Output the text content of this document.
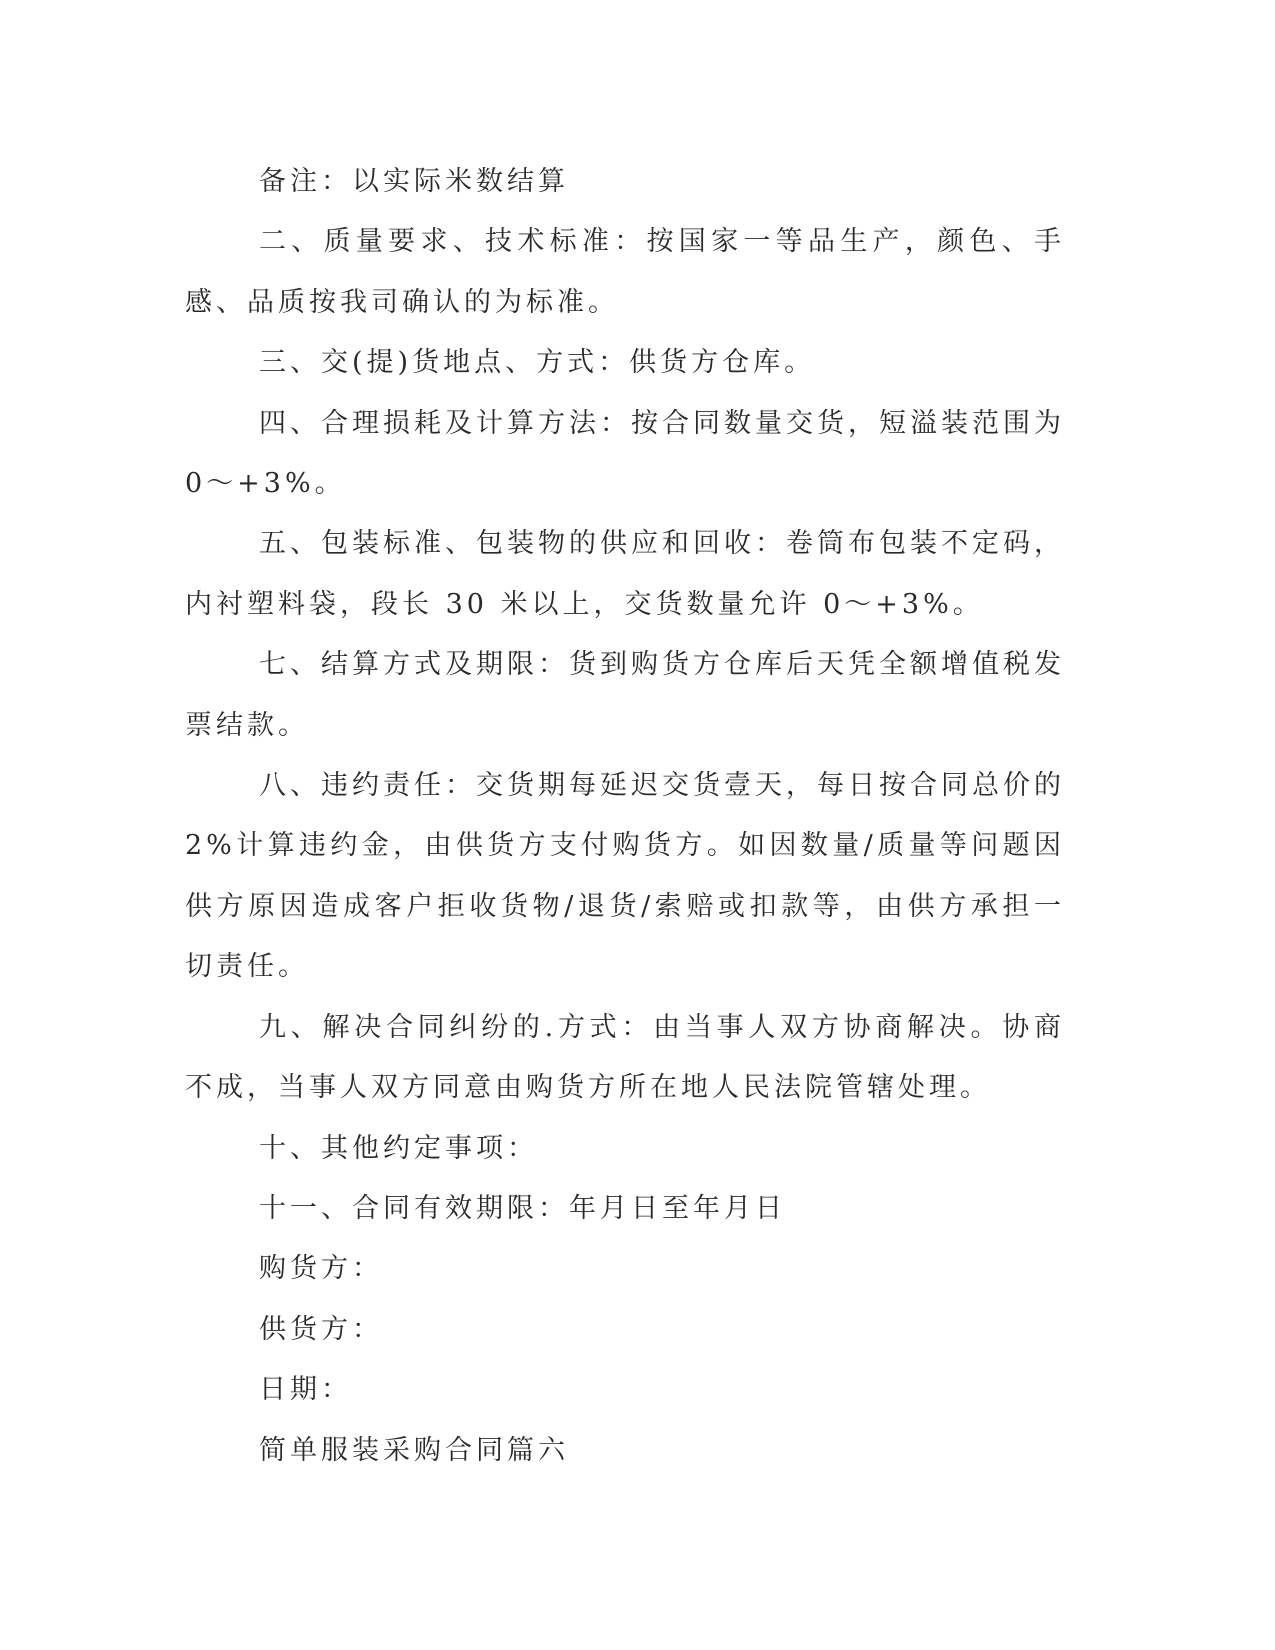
备注：以实际米数结算

二、质量要求、技术标准：按国家一等品生产，颜色、手感、品质按我司确认的为标准。

三、交(提)货地点、方式：供货方仓库。

四、合理损耗及计算方法：按合同数量交货，短溢装范围为 0～+3%。

五、包装标准、包装物的供应和回收：卷筒布包装不定码，内衬塑料袋，段长 30 米以上，交货数量允许 0～+3%。

七、结算方式及期限：货到购货方仓库后天凭全额增值税发票结款。

八、违约责任：交货期每延迟交货壹天，每日按合同总价的 2%计算违约金，由供货方支付购货方。如因数量/质量等问题因供方原因造成客户拒收货物/退货/索赔或扣款等，由供方承担一切责任。

九、解决合同纠纷的.方式：由当事人双方协商解决。协商不成，当事人双方同意由购货方所在地人民法院管辖处理。

十、其他约定事项：

十一、合同有效期限：年月日至年月日

购货方：

供货方：

日期：

简单服装采购合同篇六
